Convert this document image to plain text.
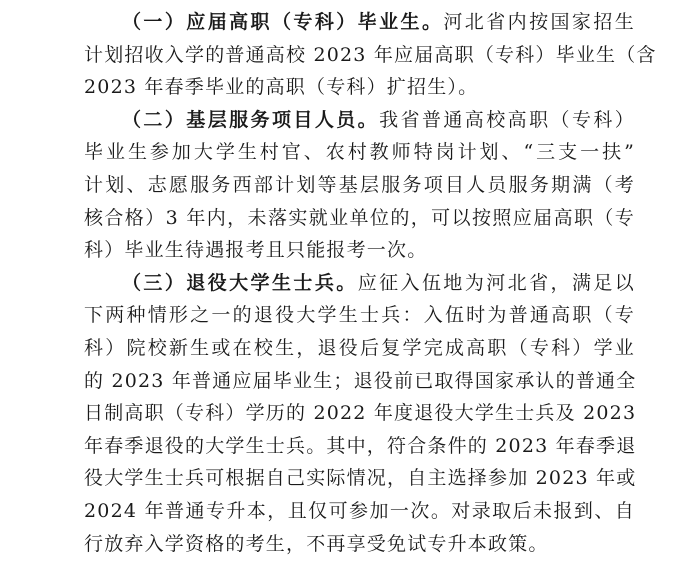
（一）应届高职（专科）毕业生。河北省内按国家招生
计划招收入学的普通高校 2023 年应届高职（专科）毕业生（含
2023 年春季毕业的高职（专科）扩招生）。

（二）基层服务项目人员。我省普通高校高职（专科）
毕业生参加大学生村官、农村教师特岗计划、“三支一扶”
计划、志愿服务西部计划等基层服务项目人员服务期满（考
核合格）3 年内，未落实就业单位的，可以按照应届高职（专
科）毕业生待遇报考且只能报考一次。

（三）退役大学生士兵。应征入伍地为河北省，满足以
下两种情形之一的退役大学生士兵：入伍时为普通高职（专
科）院校新生或在校生，退役后复学完成高职（专科）学业
的 2023 年普通应届毕业生；退役前已取得国家承认的普通全
日制高职（专科）学历的 2022 年度退役大学生士兵及 2023
年春季退役的大学生士兵。其中，符合条件的 2023 年春季退
役大学生士兵可根据自己实际情况，自主选择参加 2023 年或
2024 年普通专升本，且仅可参加一次。对录取后未报到、自
行放弃入学资格的考生，不再享受免试专升本政策。
